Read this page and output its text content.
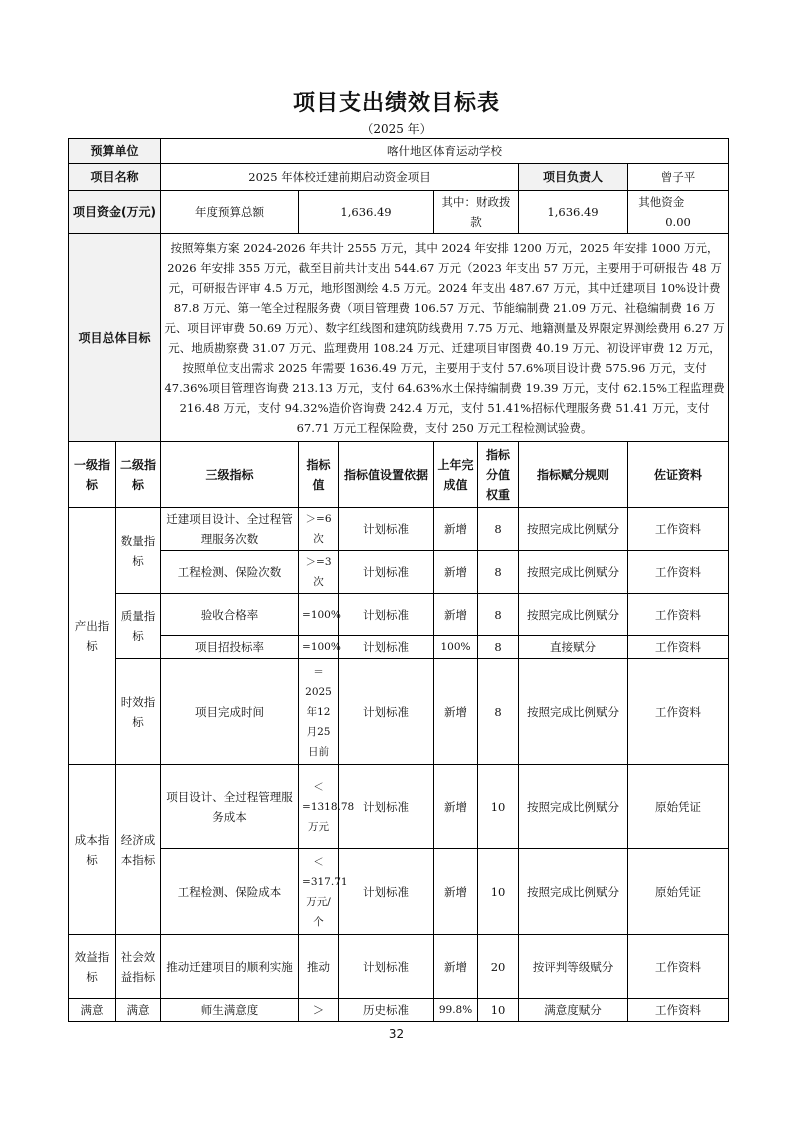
项目支出绩效目标表
（2025 年）
预算单位		喀什地区体育运动学校						
项目名称		2025 年体校迁建前期启动资金项目					项目负责人	曾子平
项目资金(万元)		年度预算总额	1,636.49		其中：财政拨款		1,636.49	其他资金  0.00
项目总体目标		按照筹集方案 2024-2026 年共计 2555 万元，其中 2024 年安排 1200 万元，2025 年安排 1000 万元，2026 年安排 355 万元，截至目前共计支出 544.67 万元（2023 年支出 57 万元，主要用于可研报告 48 万元，可研报告评审 4.5 万元，地形图测绘 4.5 万元。2024 年支出 487.67 万元，其中迁建项目 10%设计费 87.8 万元、第一笔全过程服务费（项目管理费 106.57 万元、节能编制费 21.09 万元、社稳编制费 16 万元、项目评审费 50.69 万元）、数字红线图和建筑防线费用 7.75 万元、地籍测量及界限定界测绘费用 6.27 万元、地质勘察费 31.07 万元、监理费用 108.24 万元、迁建项目审图费 40.19 万元、初设评审费 12 万元，按照单位支出需求 2025 年需要 1636.49 万元，主要用于支付 57.6%项目设计费 575.96 万元，支付 47.36%项目管理咨询费 213.13 万元，支付 64.63%水土保持编制费 19.39 万元，支付 62.15%工程监理费 216.48 万元，支付 94.32%造价咨询费 242.4 万元，支付 51.41%招标代理服务费 51.41 万元，支付 67.71 万元工程保险费，支付 250 万元工程检测试验费。						
一级指标	二级指标	三级指标	指标值	指标值设置依据	上年完成值	指标分值权重	指标赋分规则	佐证资料
产出指标	数量指标	迁建项目设计、全过程管理服务次数	＞=6次	计划标准	新增	8	按照完成比例赋分	工作资料
		工程检测、保险次数	＞=3次	计划标准	新增	8	按照完成比例赋分	工作资料
	质量指标	验收合格率	=100%	计划标准	新增	8	按照完成比例赋分	工作资料
		项目招投标率	=100%	计划标准	100%	8	直接赋分	工作资料
	时效指标	项目完成时间	＝2025年12月25日前	计划标准	新增	8	按照完成比例赋分	工作资料
成本指标	经济成本指标	项目设计、全过程管理服务成本	＜=1318.78万元	计划标准	新增	10	按照完成比例赋分	原始凭证
		工程检测、保险成本	＜=317.71万元/个	计划标准	新增	10	按照完成比例赋分	原始凭证
效益指标	社会效益指标	推动迁建项目的顺利实施	推动	计划标准	新增	20	按评判等级赋分	工作资料
满意	满意	师生满意度	＞	历史标准	99.8%	10	满意度赋分	工作资料
32
